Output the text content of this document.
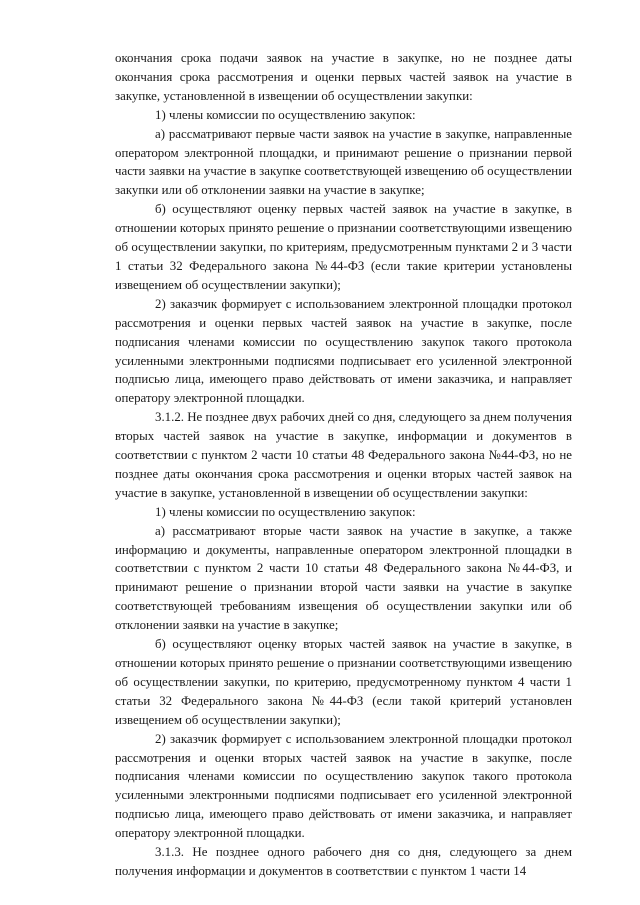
окончания срока подачи заявок на участие в закупке, но не позднее даты окончания срока рассмотрения и оценки первых частей заявок на участие в закупке, установленной в извещении об осуществлении закупки:

1) члены комиссии по осуществлению закупок:

а) рассматривают первые части заявок на участие в закупке, направленные оператором электронной площадки, и принимают решение о признании первой части заявки на участие в закупке соответствующей извещению об осуществлении закупки или об отклонении заявки на участие в закупке;

б) осуществляют оценку первых частей заявок на участие в закупке, в отношении которых принято решение о признании соответствующими извещению об осуществлении закупки, по критериям, предусмотренным пунктами 2 и 3 части 1 статьи 32 Федерального закона №44-ФЗ (если такие критерии установлены извещением об осуществлении закупки);

2) заказчик формирует с использованием электронной площадки протокол рассмотрения и оценки первых частей заявок на участие в закупке, после подписания членами комиссии по осуществлению закупок такого протокола усиленными электронными подписями подписывает его усиленной электронной подписью лица, имеющего право действовать от имени заказчика, и направляет оператору электронной площадки.

3.1.2. Не позднее двух рабочих дней со дня, следующего за днем получения вторых частей заявок на участие в закупке, информации и документов в соответствии с пунктом 2 части 10 статьи 48 Федерального закона №44-ФЗ, но не позднее даты окончания срока рассмотрения и оценки вторых частей заявок на участие в закупке, установленной в извещении об осуществлении закупки:

1) члены комиссии по осуществлению закупок:

а) рассматривают вторые части заявок на участие в закупке, а также информацию и документы, направленные оператором электронной площадки в соответствии с пунктом 2 части 10 статьи 48 Федерального закона №44-ФЗ, и принимают решение о признании второй части заявки на участие в закупке соответствующей требованиям извещения об осуществлении закупки или об отклонении заявки на участие в закупке;

б) осуществляют оценку вторых частей заявок на участие в закупке, в отношении которых принято решение о признании соответствующими извещению об осуществлении закупки, по критерию, предусмотренному пунктом 4 части 1 статьи 32 Федерального закона №44-ФЗ (если такой критерий установлен извещением об осуществлении закупки);

2) заказчик формирует с использованием электронной площадки протокол рассмотрения и оценки вторых частей заявок на участие в закупке, после подписания членами комиссии по осуществлению закупок такого протокола усиленными электронными подписями подписывает его усиленной электронной подписью лица, имеющего право действовать от имени заказчика, и направляет оператору электронной площадки.

3.1.3. Не позднее одного рабочего дня со дня, следующего за днем получения информации и документов в соответствии с пунктом 1 части 14
